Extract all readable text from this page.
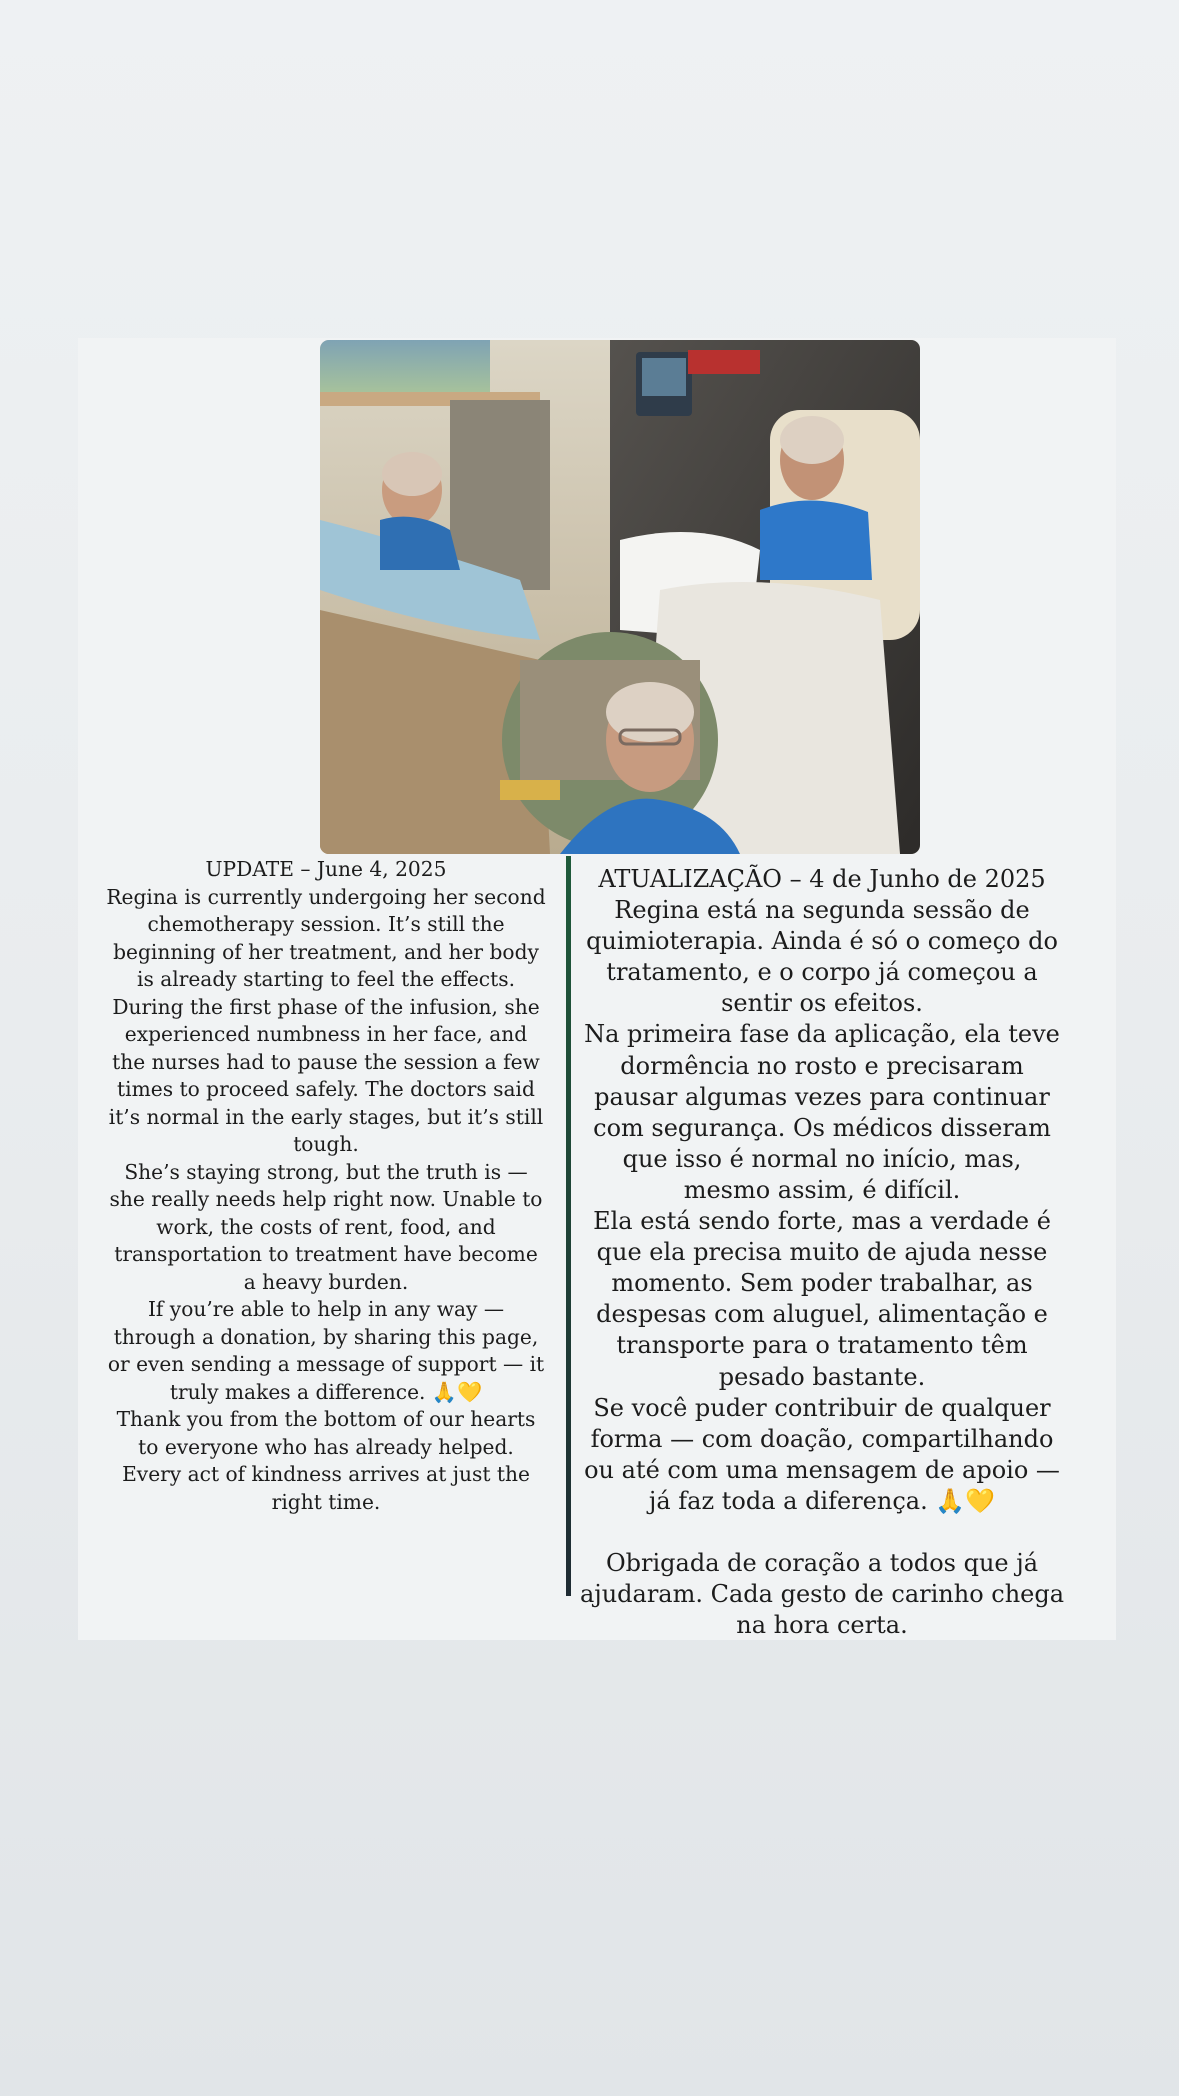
UPDATE – June 4, 2025

Regina is currently undergoing her second chemotherapy session. It’s still the beginning of her treatment, and her body is already starting to feel the effects.

During the first phase of the infusion, she experienced numbness in her face, and the nurses had to pause the session a few times to proceed safely. The doctors said it’s normal in the early stages, but it’s still tough.

She’s staying strong, but the truth is — she really needs help right now. Unable to work, the costs of rent, food, and transportation to treatment have become a heavy burden.

If you’re able to help in any way — through a donation, by sharing this page, or even sending a message of support — it truly makes a difference. 🙏💛

Thank you from the bottom of our hearts to everyone who has already helped. Every act of kindness arrives at just the right time.

ATUALIZAÇÃO – 4 de Junho de 2025

Regina está na segunda sessão de quimioterapia. Ainda é só o começo do tratamento, e o corpo já começou a sentir os efeitos.

Na primeira fase da aplicação, ela teve dormência no rosto e precisaram pausar algumas vezes para continuar com segurança. Os médicos disseram que isso é normal no início, mas, mesmo assim, é difícil.

Ela está sendo forte, mas a verdade é que ela precisa muito de ajuda nesse momento. Sem poder trabalhar, as despesas com aluguel, alimentação e transporte para o tratamento têm pesado bastante.

Se você puder contribuir de qualquer forma — com doação, compartilhando ou até com uma mensagem de apoio — já faz toda a diferença. 🙏💛

Obrigada de coração a todos que já ajudaram. Cada gesto de carinho chega na hora certa.
